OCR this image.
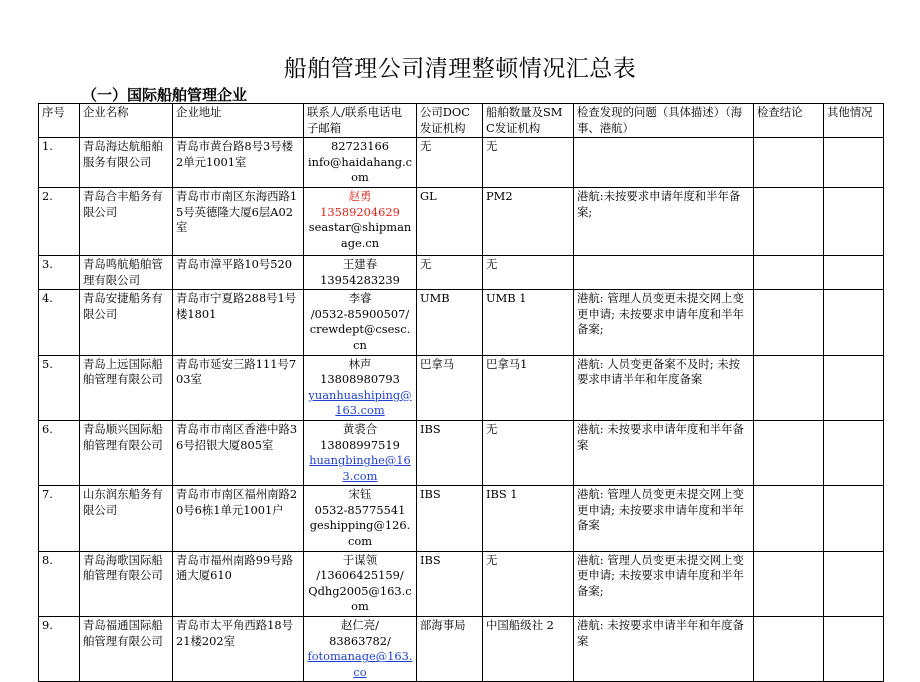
船舶管理公司清理整顿情况汇总表
（一）国际船舶管理企业
序号	企业名称	企业地址	联系人/联系电话电子邮箱	公司DOC发证机构	船舶数量及SMC发证机构	检查发现的问题（具体描述）（海事、港航）	检查结论	其他情况
1.	青岛海达航船舶服务有限公司	青岛市黄台路8号3号楼2单元1001室	82723166
info@haidahang.com	无	无			
2.	青岛合丰船务有限公司	青岛市市南区东海西路15号英德隆大厦6层A02室	赵勇
13589204629
seastar@shipmanage.cn	GL	PM2	港航:未按要求申请年度和半年备案;		
3.	青岛鸣航船舶管理有限公司	青岛市漳平路10号520	王建春
13954283239	无	无			
4.	青岛安捷船务有限公司	青岛市宁夏路288号1号楼1801	李睿
/0532-85900507/
crewdept@csesc.cn	UMB	UMB 1	港航: 管理人员变更未提交网上变更申请; 未按要求申请年度和半年备案;		
5.	青岛上远国际船舶管理有限公司	青岛市延安三路111号703室	林声
13808980793
yuanhuashiping@163.com	巴拿马	巴拿马1	港航: 人员变更备案不及时; 未按要求申请半年和年度备案		
6.	青岛顺兴国际船舶管理有限公司	青岛市市南区香港中路36号招银大厦805室	黄裘合
13808997519
huangbinghe@163.com	IBS	无	港航: 未按要求申请年度和半年备案		
7.	山东润东船务有限公司	青岛市市南区福州南路20号6栋1单元1001户	宋钰
0532-85775541
geshipping@126.com	IBS	IBS 1	港航: 管理人员变更未提交网上变更申请; 未按要求申请年度和半年备案		
8.	青岛海歌国际船舶管理有限公司	青岛市福州南路99号路通大厦610	于谋领
/13606425159/
Qdhg2005@163.com	IBS	无	港航: 管理人员变更未提交网上变更申请; 未按要求申请年度和半年备案;		
9.	青岛福通国际船舶管理有限公司	青岛市太平角西路18号21楼202室	赵仁亮/
83863782/
fotomanage@163.co	部海事局	中国船级社 2	港航: 未按要求申请半年和年度备案		
